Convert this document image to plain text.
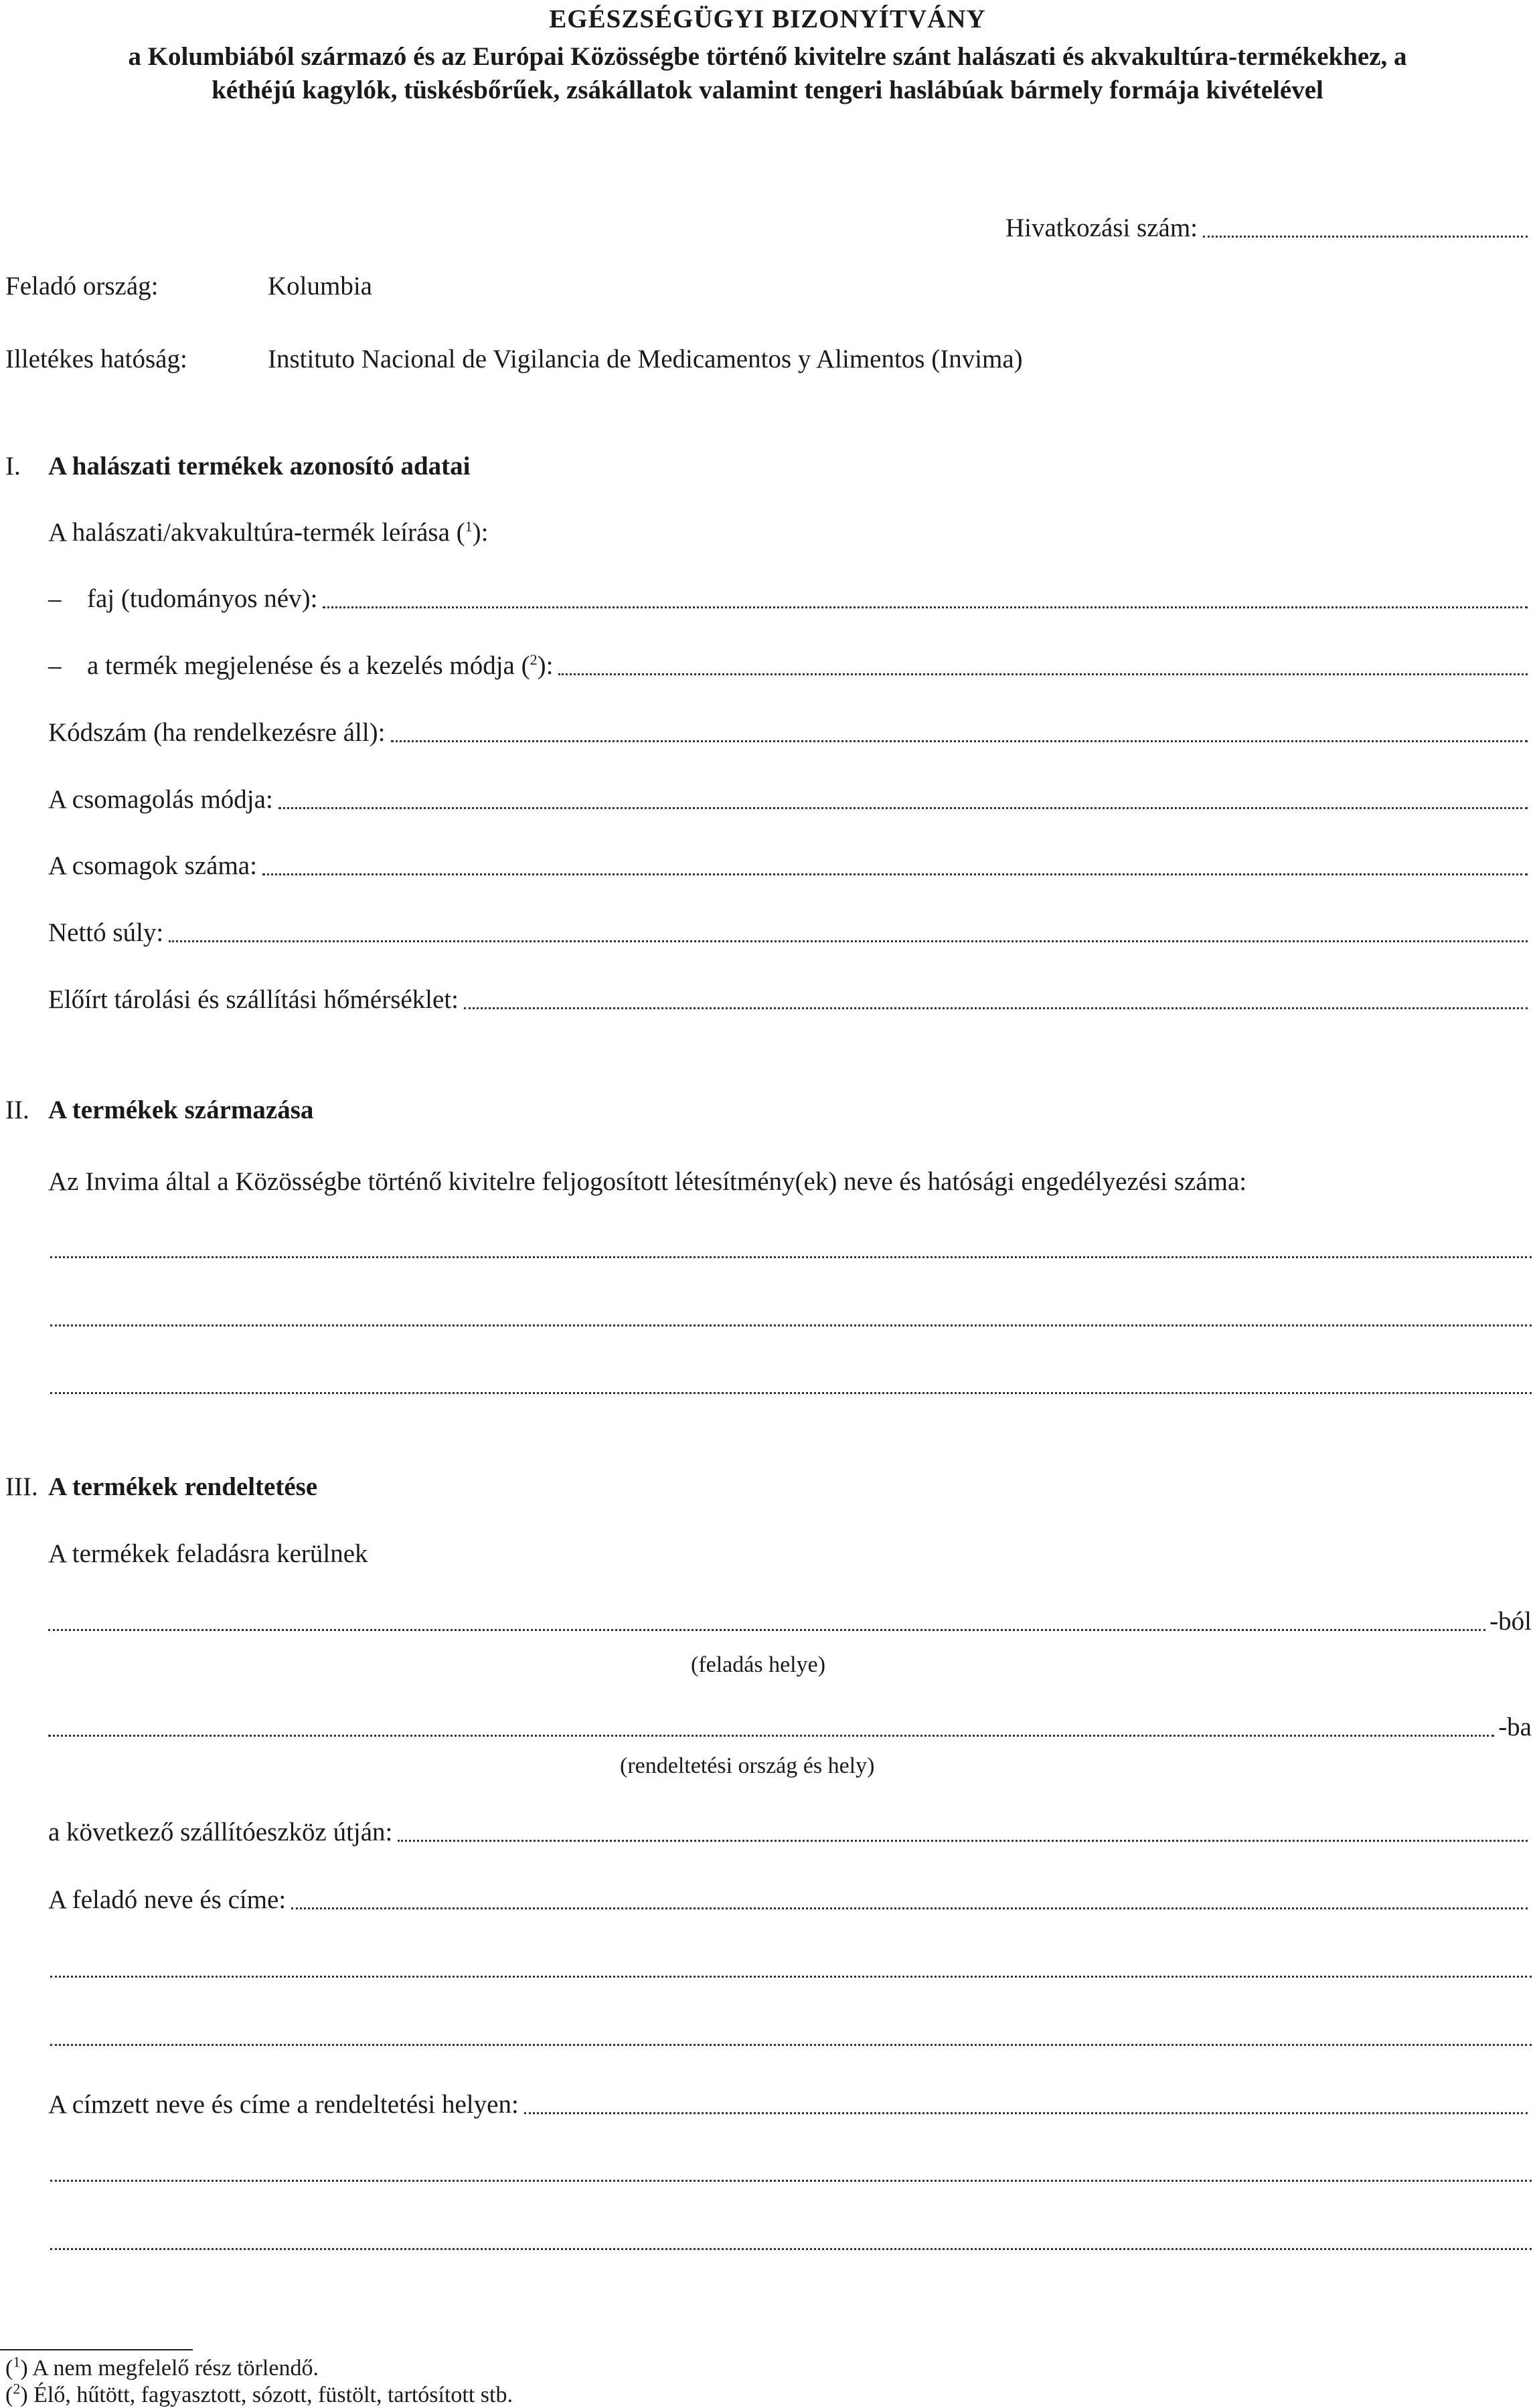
EGÉSZSÉGÜGYI BIZONYÍTVÁNY
a Kolumbiából származó és az Európai Közösségbe történő kivitelre szánt halászati és akvakultúra-termékekhez, a
kéthéjú kagylók, tüskésbőrűek, zsákállatok valamint tengeri haslábúak bármely formája kivételével
Hivatkozási szám:
Feladó ország:	Kolumbia
Illetékes hatóság:	Instituto Nacional de Vigilancia de Medicamentos y Alimentos (Invima)
I. A halászati termékek azonosító adatai
A halászati/akvakultúra-termék leírása ($^1$):
– faj (tudományos név):
– a termék megjelenése és a kezelés módja ($^2$):
Kódszám (ha rendelkezésre áll):
A csomagolás módja:
A csomagok száma:
Nettó súly:
Előírt tárolási és szállítási hőmérséklet:
II. A termékek származása
Az Invima által a Közösségbe történő kivitelre feljogosított létesítmény(ek) neve és hatósági engedélyezési száma:
III. A termékek rendeltetése
A termékek feladásra kerülnek
-ból
(feladás helye)
-ba
(rendeltetési ország és hely)
a következő szállítóeszköz útján:
A feladó neve és címe:
A címzett neve és címe a rendeltetési helyen:
($^1$) A nem megfelelő rész törlendő.
($^2$) Élő, hűtött, fagyasztott, sózott, füstölt, tartósított stb.
